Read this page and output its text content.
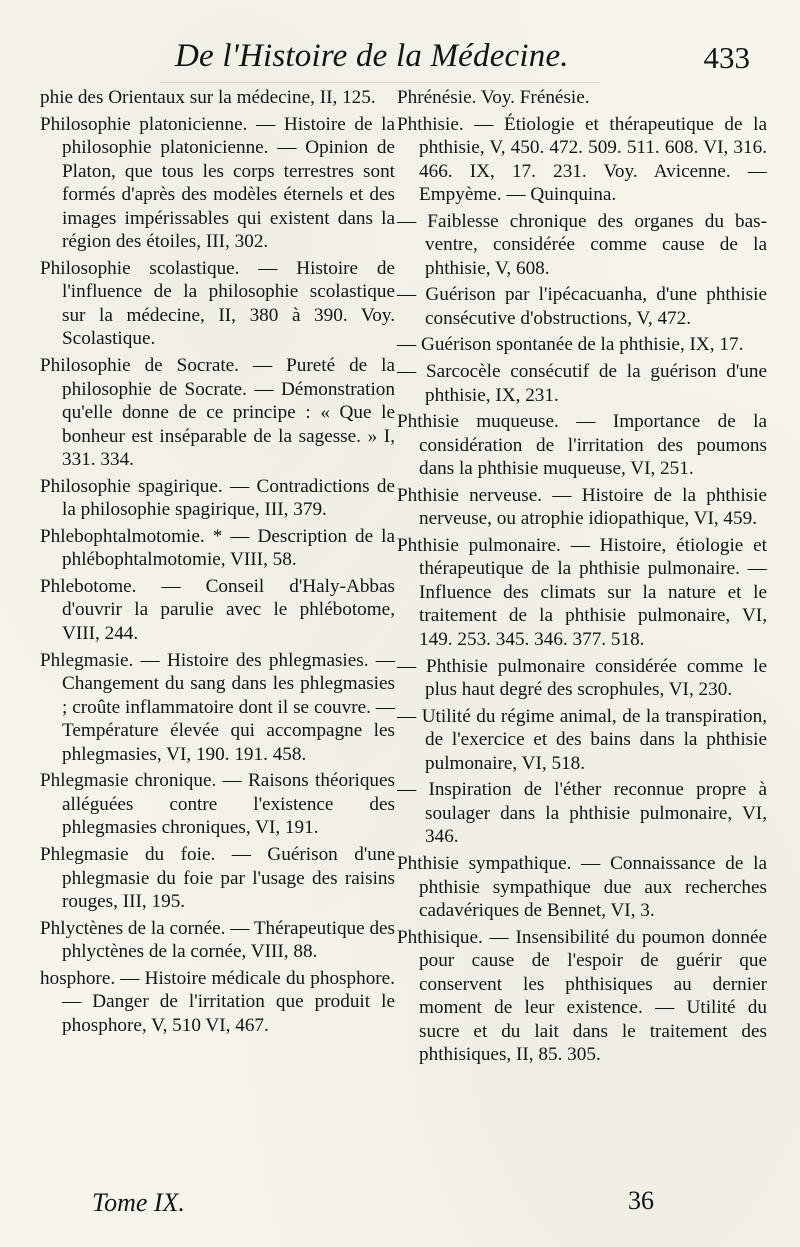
De l'Histoire de la Médecine.	433

phie des Orientaux sur la médecine, II, 125.

Philosophie platonicienne. — Histoire de la philosophie platonicienne. — Opinion de Platon, que tous les corps terrestres sont formés d'après des modèles éternels et des images impérissables qui existent dans la région des étoiles, III, 302.

Philosophie scolastique. — Histoire de l'influence de la philosophie scolastique sur la médecine, II, 380 à 390. Voy. Scolastique.

Philosophie de Socrate. — Pureté de la philosophie de Socrate. — Démonstration qu'elle donne de ce principe : « Que le bonheur est inséparable de la sagesse. » I, 331. 334.

Philosophie spagirique. — Contradictions de la philosophie spagirique, III, 379.

Phlebophtalmotomie. * — Description de la phlébophtalmotomie, VIII, 58.

Phlebotome. — Conseil d'Haly-Abbas d'ouvrir la parulie avec le phlébotome, VIII, 244.

Phlegmasie. — Histoire des phlegmasies. — Changement du sang dans les phlegmasies ; croûte inflammatoire dont il se couvre. — Température élevée qui accompagne les phlegmasies, VI, 190. 191. 458.

Phlegmasie chronique. — Raisons théoriques alléguées contre l'existence des phlegmasies chroniques, VI, 191.

Phlegmasie du foie. — Guérison d'une phlegmasie du foie par l'usage des raisins rouges, III, 195.

Phlyctènes de la cornée. — Thérapeutique des phlyctènes de la cornée, VIII, 88.

hosphore. — Histoire médicale du phosphore. — Danger de l'irritation que produit le phosphore, V, 510 VI, 467.

Phrénésie. Voy. Frénésie.

Phthisie. — Étiologie et thérapeutique de la phthisie, V, 450. 472. 509. 511. 608. VI, 316. 466. IX, 17. 231. Voy. Avicenne. — Empyème. — Quinquina.

— Faiblesse chronique des organes du bas-ventre, considérée comme cause de la phthisie, V, 608.

— Guérison par l'ipécacuanha, d'une phthisie consécutive d'obstructions, V, 472.

— Guérison spontanée de la phthisie, IX, 17.

— Sarcocèle consécutif de la guérison d'une phthisie, IX, 231.

Phthisie muqueuse. — Importance de la considération de l'irritation des poumons dans la phthisie muqueuse, VI, 251.

Phthisie nerveuse. — Histoire de la phthisie nerveuse, ou atrophie idiopathique, VI, 459.

Phthisie pulmonaire. — Histoire, étiologie et thérapeutique de la phthisie pulmonaire. — Influence des climats sur la nature et le traitement de la phthisie pulmonaire, VI, 149. 253. 345. 346. 377. 518.

— Phthisie pulmonaire considérée comme le plus haut degré des scrophules, VI, 230.

— Utilité du régime animal, de la transpiration, de l'exercice et des bains dans la phthisie pulmonaire, VI, 518.

— Inspiration de l'éther reconnue propre à soulager dans la phthisie pulmonaire, VI, 346.

Phthisie sympathique. — Connaissance de la phthisie sympathique due aux recherches cadavériques de Bennet, VI, 3.

Phthisique. — Insensibilité du poumon donnée pour cause de l'espoir de guérir que conservent les phthisiques au dernier moment de leur existence. — Utilité du sucre et du lait dans le traitement des phthisiques, II, 85. 305.

Tome IX.	36
